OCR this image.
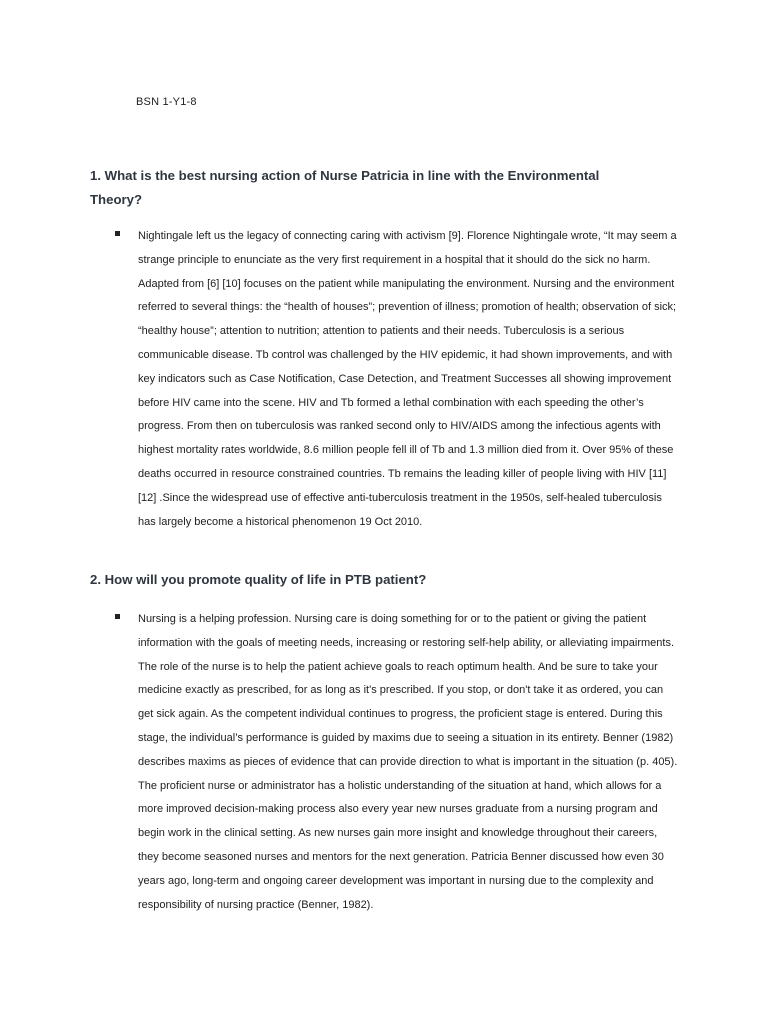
BSN 1-Y1-8
1. What is the best nursing action of Nurse Patricia in line with the Environmental Theory?
Nightingale left us the legacy of connecting caring with activism [9]. Florence Nightingale wrote, “It may seem a strange principle to enunciate as the very first requirement in a hospital that it should do the sick no harm. Adapted from [6] [10] focuses on the patient while manipulating the environment. Nursing and the environment referred to several things: the “health of houses”; prevention of illness; promotion of health; observation of sick; “healthy house”; attention to nutrition; attention to patients and their needs. Tuberculosis is a serious communicable disease. Tb control was challenged by the HIV epidemic, it had shown improvements, and with key indicators such as Case Notification, Case Detection, and Treatment Successes all showing improvement before HIV came into the scene. HIV and Tb formed a lethal combination with each speeding the other’s progress. From then on tuberculosis was ranked second only to HIV/AIDS among the infectious agents with highest mortality rates worldwide, 8.6 million people fell ill of Tb and 1.3 million died from it. Over 95% of these deaths occurred in resource constrained countries. Tb remains the leading killer of people living with HIV [11] [12] .Since the widespread use of effective anti-tuberculosis treatment in the 1950s, self-healed tuberculosis has largely become a historical phenomenon 19 Oct 2010.
2. How will you promote quality of life in PTB patient?
Nursing is a helping profession. Nursing care is doing something for or to the patient or giving the patient information with the goals of meeting needs, increasing or restoring self-help ability, or alleviating impairments. The role of the nurse is to help the patient achieve goals to reach optimum health. And be sure to take your medicine exactly as prescribed, for as long as it's prescribed. If you stop, or don't take it as ordered, you can get sick again. As the competent individual continues to progress, the proficient stage is entered. During this stage, the individual’s performance is guided by maxims due to seeing a situation in its entirety. Benner (1982) describes maxims as pieces of evidence that can provide direction to what is important in the situation (p. 405). The proficient nurse or administrator has a holistic understanding of the situation at hand, which allows for a more improved decision-making process also every year new nurses graduate from a nursing program and begin work in the clinical setting. As new nurses gain more insight and knowledge throughout their careers, they become seasoned nurses and mentors for the next generation. Patricia Benner discussed how even 30 years ago, long-term and ongoing career development was important in nursing due to the complexity and responsibility of nursing practice (Benner, 1982).
